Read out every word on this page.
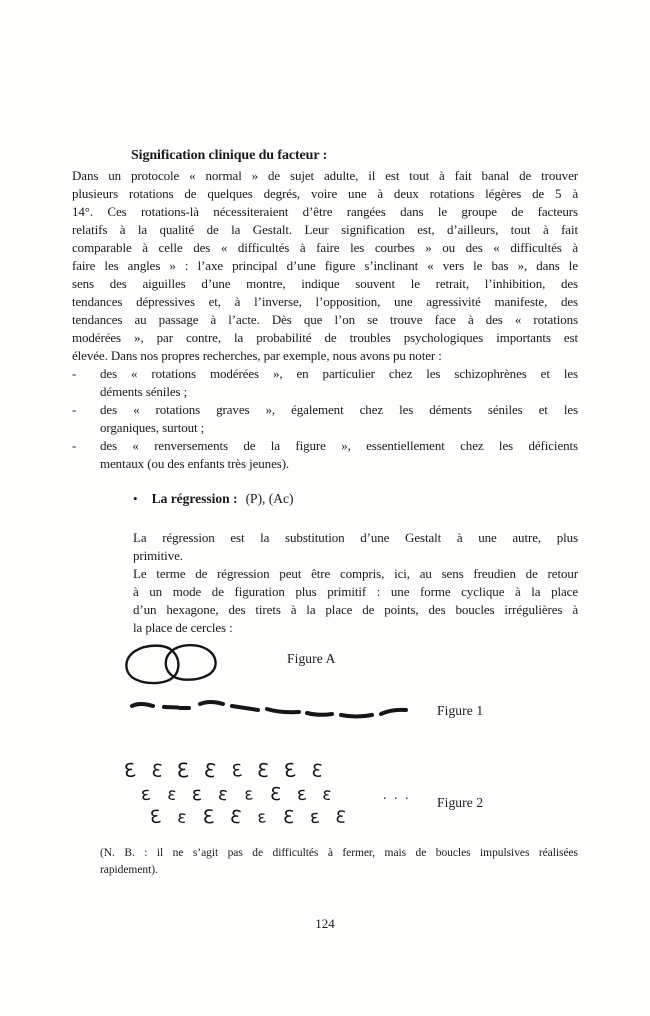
Signification clinique du facteur :
Dans un protocole « normal » de sujet adulte, il est tout à fait banal de trouver
plusieurs rotations de quelques degrés, voire une à deux rotations légères de 5 à
14°. Ces rotations-là nécessiteraient d’être rangées dans le groupe de facteurs
relatifs à la qualité de la Gestalt. Leur signification est, d’ailleurs, tout à fait
comparable à celle des « difficultés à faire les courbes » ou des « difficultés à
faire les angles » : l’axe principal d’une figure s’inclinant « vers le bas », dans le
sens des aiguilles d’une montre, indique souvent le retrait, l’inhibition, des
tendances dépressives et, à l’inverse, l’opposition, une agressivité manifeste, des
tendances au passage à l’acte. Dès que l’on se trouve face à des « rotations
modérées », par contre, la probabilité de troubles psychologiques importants est
élevée. Dans nos propres recherches, par exemple, nous avons pu noter :
-	des « rotations modérées », en particulier chez les schizophrènes et les
déments séniles ;
-	des « rotations graves », également chez les déments séniles et les
organiques, surtout ;
-	des « renversements de la figure », essentiellement chez les déficients
mentaux (ou des enfants très jeunes).
• La régression : (P), (Ac)
La régression est la substitution d’une Gestalt à une autre, plus
primitive.
Le terme de régression peut être compris, ici, au sens freudien de retour
à un mode de figuration plus primitif : une forme cyclique à la place
d’un hexagone, des tirets à la place de points, des boucles irrégulières à
la place de cercles :
Figure A
Figure 1
Ɛ Ɛ Ɛ Ɛ Ɛ Ɛ Ɛ Ɛ
ɛ ɛ ɛ ɛ ɛ Ɛ ɛ ɛ
Ɛ ɛ Ɛ Ɛ ɛ Ɛ ɛ Ɛ
. . . Figure 2
(N. B. : il ne s’agit pas de difficultés à fermer, mais de boucles impulsives réalisées
rapidement).
124
